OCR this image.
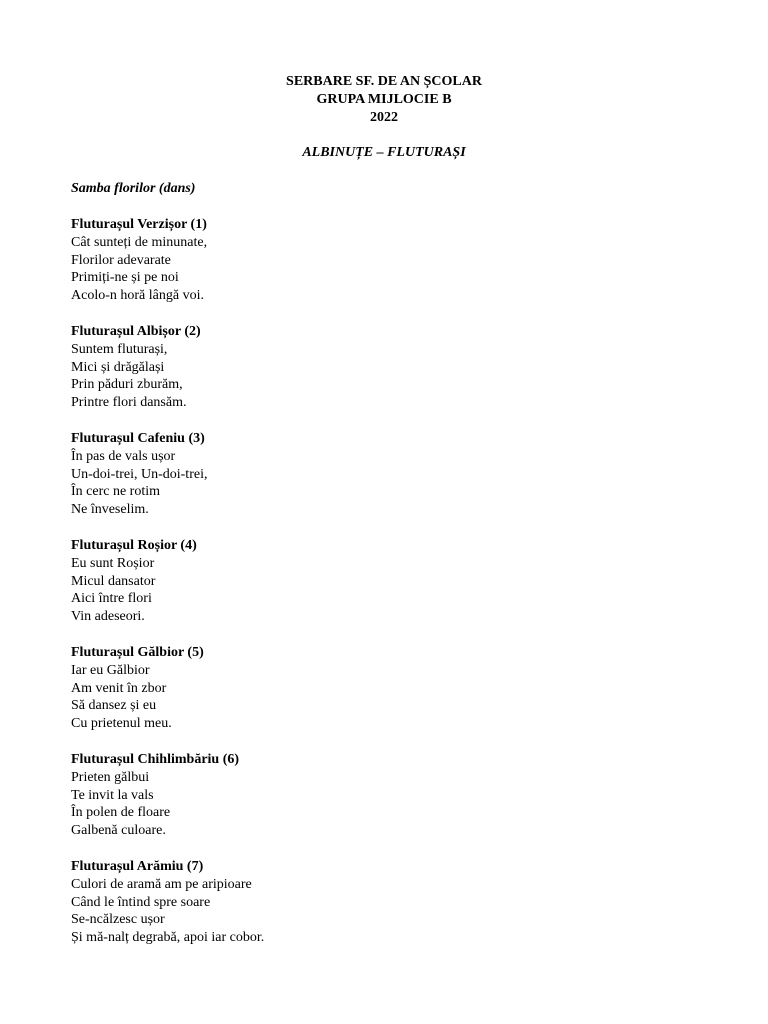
SERBARE SF. DE AN ȘCOLAR
GRUPA MIJLOCIE B
2022
ALBINUȚE – FLUTURAȘI
Samba florilor (dans)
Fluturașul Verzișor (1)
Cât sunteți de minunate,
Florilor adevarate
Primiți-ne și pe noi
Acolo-n horă lângă voi.
Fluturașul Albișor (2)
Suntem fluturași,
Mici și drăgălași
Prin păduri zburăm,
Printre flori dansăm.
Fluturașul Cafeniu (3)
În pas de vals ușor
Un-doi-trei, Un-doi-trei,
În cerc ne rotim
Ne înveselim.
Fluturașul Roșior (4)
Eu sunt Roșior
Micul dansator
Aici între flori
Vin adeseori.
Fluturașul Gălbior (5)
Iar eu Gălbior
Am venit în zbor
Să dansez și eu
Cu prietenul meu.
Fluturașul Chihlimbăriu (6)
Prieten gălbui
Te invit la vals
În polen de floare
Galbenă culoare.
Fluturașul Arămiu (7)
Culori de aramă am pe aripioare
Când le întind spre soare
Se-ncălzesc ușor
Și mă-nalț degrabă, apoi iar cobor.
